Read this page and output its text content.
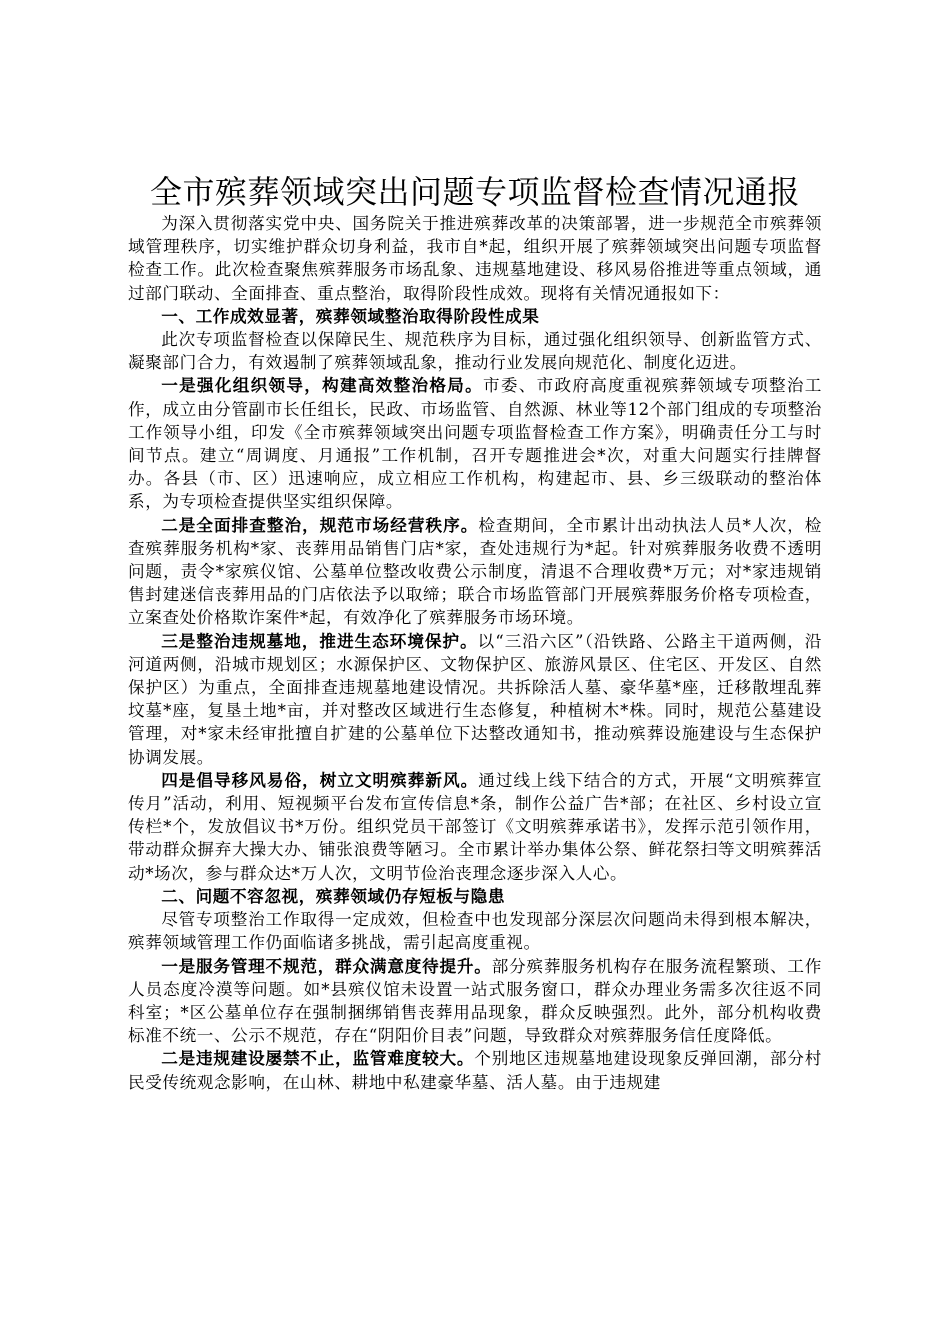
全市殡葬领域突出问题专项监督检查情况通报

为深入贯彻落实党中央、国务院关于推进殡葬改革的决策部署，进一步规范全市殡葬领域管理秩序，切实维护群众切身利益，我市自*起，组织开展了殡葬领域突出问题专项监督检查工作。此次检查聚焦殡葬服务市场乱象、违规墓地建设、移风易俗推进等重点领域，通过部门联动、全面排查、重点整治，取得阶段性成效。现将有关情况通报如下：

一、工作成效显著，殡葬领域整治取得阶段性成果

此次专项监督检查以保障民生、规范秩序为目标，通过强化组织领导、创新监管方式、凝聚部门合力，有效遏制了殡葬领域乱象，推动行业发展向规范化、制度化迈进。

一是强化组织领导，构建高效整治格局。市委、市政府高度重视殡葬领域专项整治工作，成立由分管副市长任组长，民政、市场监管、自然源、林业等12个部门组成的专项整治工作领导小组，印发《全市殡葬领域突出问题专项监督检查工作方案》，明确责任分工与时间节点。建立“周调度、月通报”工作机制，召开专题推进会*次，对重大问题实行挂牌督办。各县（市、区）迅速响应，成立相应工作机构，构建起市、县、乡三级联动的整治体系，为专项检查提供坚实组织保障。

二是全面排查整治，规范市场经营秩序。检查期间，全市累计出动执法人员*人次，检查殡葬服务机构*家、丧葬用品销售门店*家，查处违规行为*起。针对殡葬服务收费不透明问题，责令*家殡仪馆、公墓单位整改收费公示制度，清退不合理收费*万元；对*家违规销售封建迷信丧葬用品的门店依法予以取缔；联合市场监管部门开展殡葬服务价格专项检查，立案查处价格欺诈案件*起，有效净化了殡葬服务市场环境。

三是整治违规墓地，推进生态环境保护。以“三沿六区”（沿铁路、公路主干道两侧，沿河道两侧，沿城市规划区；水源保护区、文物保护区、旅游风景区、住宅区、开发区、自然保护区）为重点，全面排查违规墓地建设情况。共拆除活人墓、豪华墓*座，迁移散埋乱葬坟墓*座，复垦土地*亩，并对整改区域进行生态修复，种植树木*株。同时，规范公墓建设管理，对*家未经审批擅自扩建的公墓单位下达整改通知书，推动殡葬设施建设与生态保护协调发展。

四是倡导移风易俗，树立文明殡葬新风。通过线上线下结合的方式，开展“文明殡葬宣传月”活动，利用、短视频平台发布宣传信息*条，制作公益广告*部；在社区、乡村设立宣传栏*个，发放倡议书*万份。组织党员干部签订《文明殡葬承诺书》，发挥示范引领作用，带动群众摒弃大操大办、铺张浪费等陋习。全市累计举办集体公祭、鲜花祭扫等文明殡葬活动*场次，参与群众达*万人次，文明节俭治丧理念逐步深入人心。

二、问题不容忽视，殡葬领域仍存短板与隐患

尽管专项整治工作取得一定成效，但检查中也发现部分深层次问题尚未得到根本解决，殡葬领域管理工作仍面临诸多挑战，需引起高度重视。

一是服务管理不规范，群众满意度待提升。部分殡葬服务机构存在服务流程繁琐、工作人员态度冷漠等问题。如*县殡仪馆未设置一站式服务窗口，群众办理业务需多次往返不同科室；*区公墓单位存在强制捆绑销售丧葬用品现象，群众反映强烈。此外，部分机构收费标准不统一、公示不规范，存在“阴阳价目表”问题，导致群众对殡葬服务信任度降低。

二是违规建设屡禁不止，监管难度较大。个别地区违规墓地建设现象反弹回潮，部分村民受传统观念影响，在山林、耕地中私建豪华墓、活人墓。由于违规建
